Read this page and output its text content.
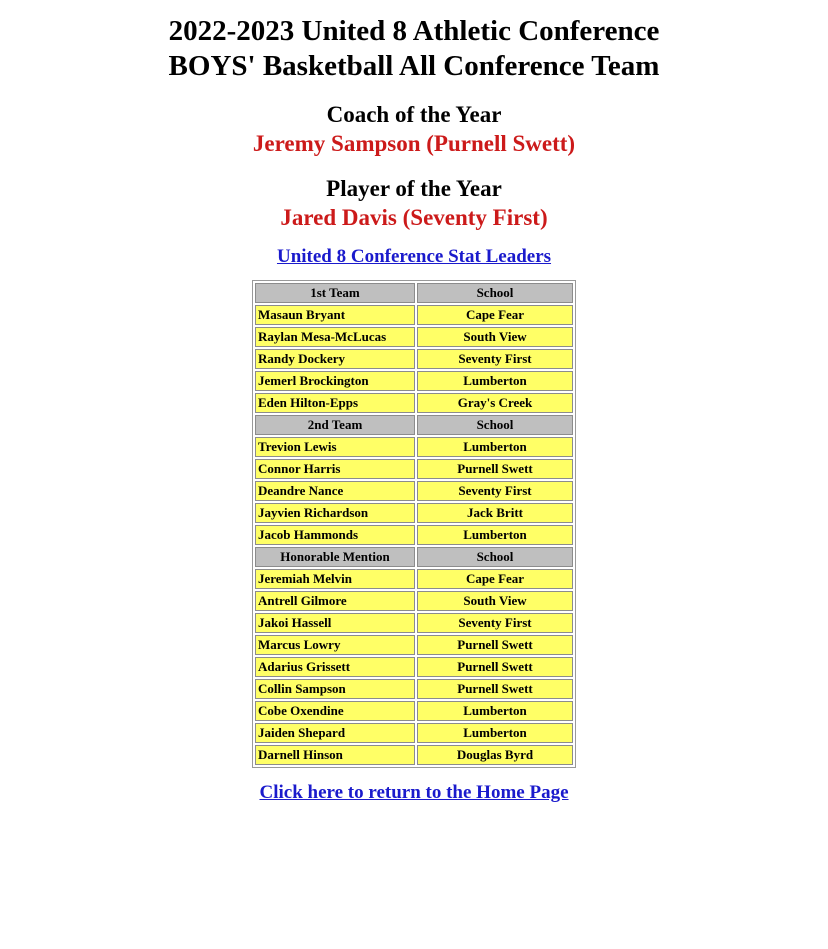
2022-2023 United 8 Athletic Conference
BOYS' Basketball All Conference Team
Coach of the Year
Jeremy Sampson (Purnell Swett)
Player of the Year
Jared Davis (Seventy First)
United 8 Conference Stat Leaders
1st Team	School
Masaun Bryant	Cape Fear
Raylan Mesa-McLucas	South View
Randy Dockery	Seventy First
Jemerl Brockington	Lumberton
Eden Hilton-Epps	Gray's Creek
2nd Team	School
Trevion Lewis	Lumberton
Connor Harris	Purnell Swett
Deandre Nance	Seventy First
Jayvien Richardson	Jack Britt
Jacob Hammonds	Lumberton
Honorable Mention	School
Jeremiah Melvin	Cape Fear
Antrell Gilmore	South View
Jakoi Hassell	Seventy First
Marcus Lowry	Purnell Swett
Adarius Grissett	Purnell Swett
Collin Sampson	Purnell Swett
Cobe Oxendine	Lumberton
Jaiden Shepard	Lumberton
Darnell Hinson	Douglas Byrd
Click here to return to the Home Page
